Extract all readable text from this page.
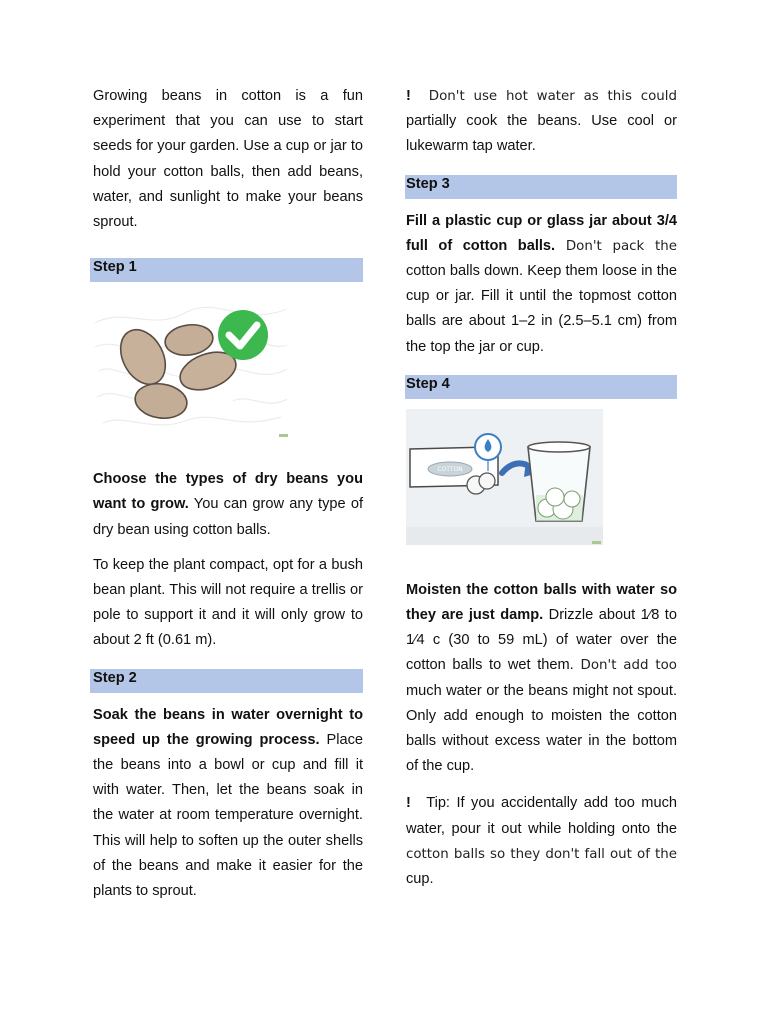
Growing beans in cotton is a fun experiment that you can use to start seeds for your garden. Use a cup or jar to hold your cotton balls, then add beans, water, and sunlight to make your beans sprout.

Step 1

Choose the types of dry beans you want to grow. You can grow any type of dry bean using cotton balls.

To keep the plant compact, opt for a bush bean plant. This will not require a trellis or pole to support it and it will only grow to about 2 ft (0.61 m).

Step 2

Soak the beans in water overnight to speed up the growing process. Place the beans into a bowl or cup and fill it with water. Then, let the beans soak in the water at room temperature overnight. This will help to soften up the outer shells of the beans and make it easier for the plants to sprout.

! Don't use hot water as this could partially cook the beans. Use cool or lukewarm tap water.

Step 3

Fill a plastic cup or glass jar about 3/4 full of cotton balls. Don't pack the cotton balls down. Keep them loose in the cup or jar. Fill it until the topmost cotton balls are about 1–2 in (2.5–5.1 cm) from the top the jar or cup.

Step 4
COTTON

Moisten the cotton balls with water so they are just damp. Drizzle about 1⁄8 to 1⁄4 c (30 to 59 mL) of water over the cotton balls to wet them. Don't add too much water or the beans might not spout. Only add enough to moisten the cotton balls without excess water in the bottom of the cup.

! Tip: If you accidentally add too much water, pour it out while holding onto the cotton balls so they don't fall out of the cup.
